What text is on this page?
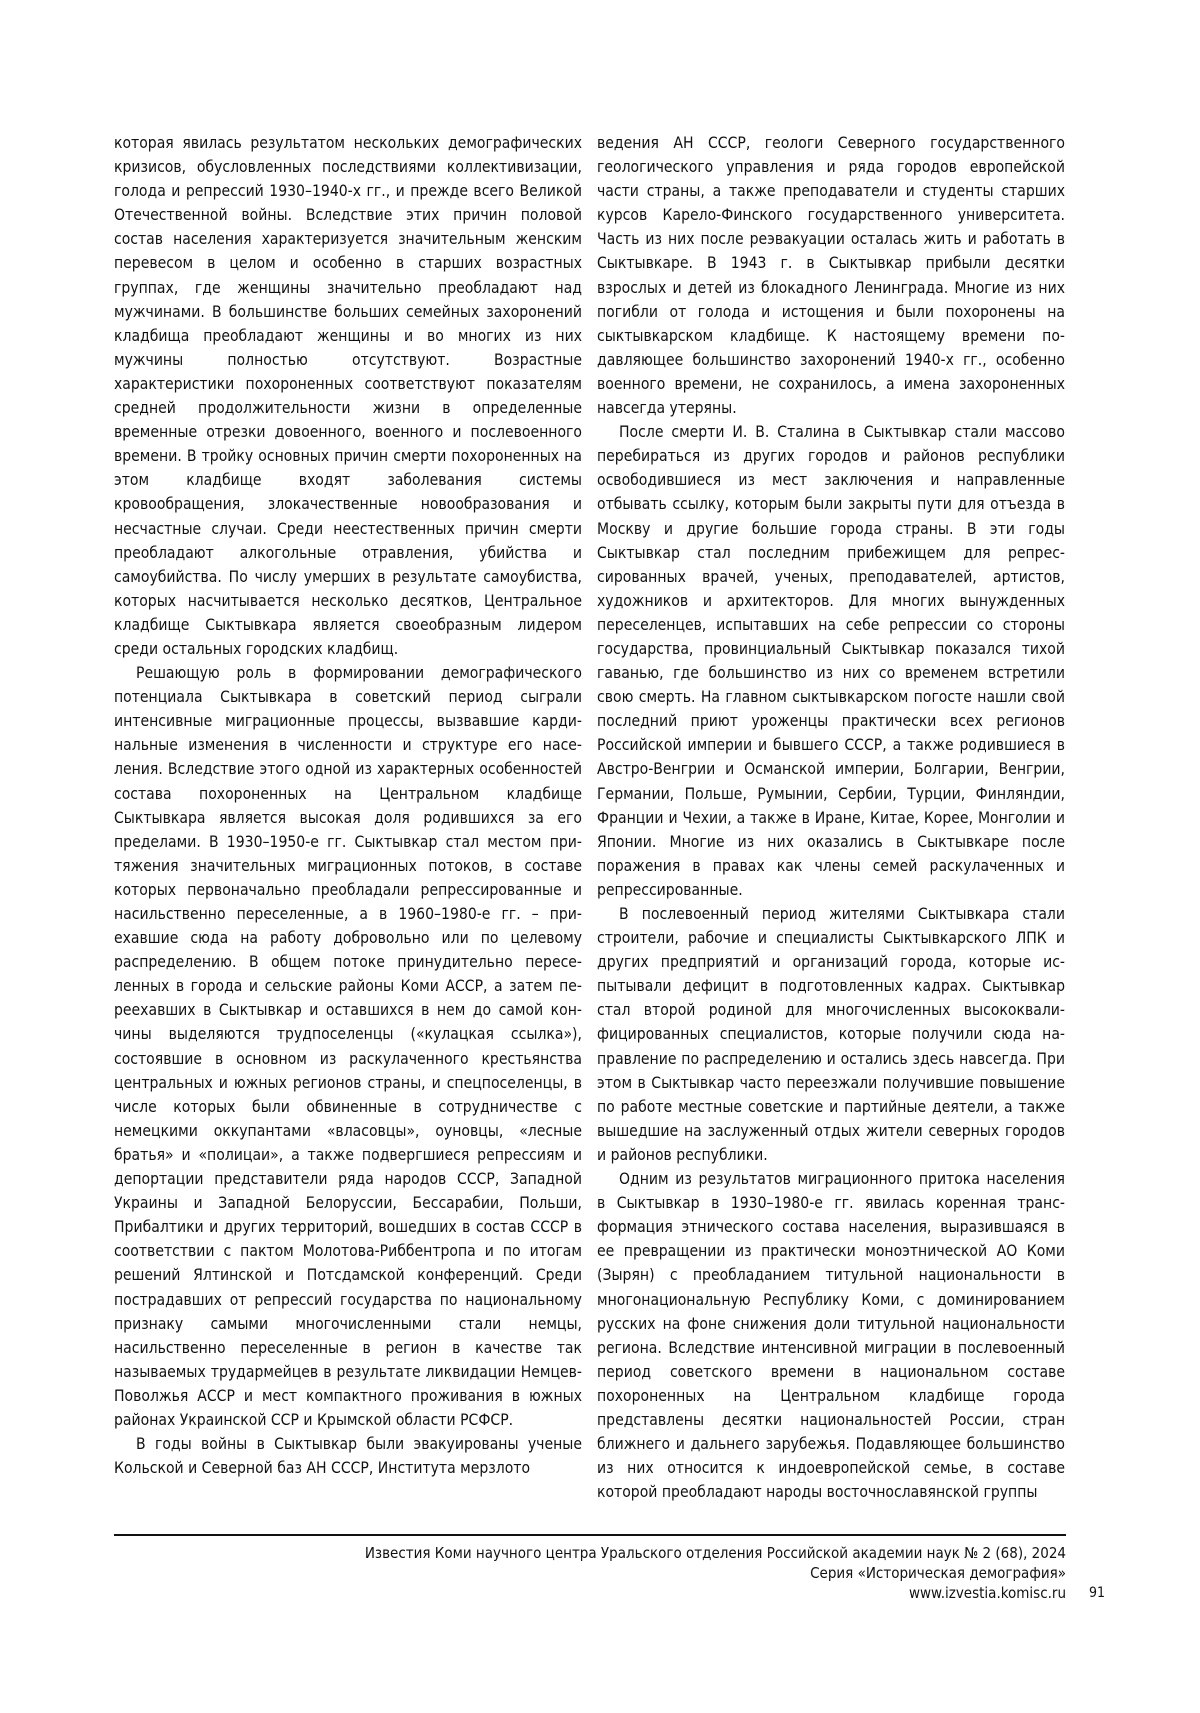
которая явилась результатом нескольких демографических кризисов, обусловленных последствиями коллективизации, голода и репрессий 1930–1940-х гг., и прежде всего Великой Отечественной войны. Вследствие этих причин половой состав населения характеризуется значительным женским перевесом в целом и особенно в старших возрастных группах, где женщины значительно преобладают над мужчинами. В большинстве больших семейных захоронений кладбища преобладают женщины и во многих из них мужчины полностью отсутствуют. Возрастные характеристики похороненных соответствуют показателям средней продолжительности жизни в определенные временные отрезки довоенного, военного и послевоенного времени. В тройку основных причин смерти похороненных на этом кладбище входят заболевания системы кровообращения, злокачественные новообразования и несчастные случаи. Среди неестественных причин смерти преобладают алкогольные отравления, убийства и самоубийства. По числу умерших в результате самоубиства, которых насчитывается несколько десятков, Центральное кладбище Сыктывкара является своеобразным лидером среди остальных городских кладбищ.

Решающую роль в формировании демографического потенциала Сыктывкара в советский период сыграли интенсивные миграционные процессы, вызвавшие кардинальные изменения в численности и структуре его населения. Вследствие этого одной из характерных особенностей состава похороненных на Центральном кладбище Сыктывкара является высокая доля родившихся за его пределами. В 1930–1950-е гг. Сыктывкар стал местом притяжения значительных миграционных потоков, в составе которых первоначально преобладали репрессированные и насильственно переселенные, а в 1960–1980-е гг. – приехавшие сюда на работу добровольно или по целевому распределению. В общем потоке принудительно переселенных в города и сельские районы Коми АССР, а затем переехавших в Сыктывкар и оставшихся в нем до самой кончины выделяются трудпоселенцы («кулацкая ссылка»), состоявшие в основном из раскулаченного крестьянства центральных и южных регионов страны, и спецпоселенцы, в числе которых были обвиненные в сотрудничестве с немецкими оккупантами «власовцы», оуновцы, «лесные братья» и «полицаи», а также подвергшиеся репрессиям и депортации представители ряда народов СССР, Западной Украины и Западной Белоруссии, Бессарабии, Польши, Прибалтики и других территорий, вошедших в состав СССР в соответствии с пактом Молотова-Риббентропа и по итогам решений Ялтинской и Потсдамской конференций. Среди пострадавших от репрессий государства по национальному признаку самыми многочисленными стали немцы, насильственно переселенные в регион в качестве так называемых трудармейцев в результате ликвидации Немцев-Поволжья АССР и мест компактного проживания в южных районах Украинской ССР и Крымской области РСФСР.

В годы войны в Сыктывкар были эвакуированы ученые Кольской и Северной баз АН СССР, Института мерзлото

ведения АН СССР, геологи Северного государственного геологического управления и ряда городов европейской части страны, а также преподаватели и студенты старших курсов Карело-Финского государственного университета. Часть из них после реэвакуации осталась жить и работать в Сыктывкаре. В 1943 г. в Сыктывкар прибыли десятки взрослых и детей из блокадного Ленинграда. Многие из них погибли от голода и истощения и были похоронены на сыктывкарском кладбище. К настоящему времени подавляющее большинство захоронений 1940-х гг., особенно военного времени, не сохранилось, а имена захороненных навсегда утеряны.

После смерти И. В. Сталина в Сыктывкар стали массово перебираться из других городов и районов республики освободившиеся из мест заключения и направленные отбывать ссылку, которым были закрыты пути для отъезда в Москву и другие большие города страны. В эти годы Сыктывкар стал последним прибежищем для репрессированных врачей, ученых, преподавателей, артистов, художников и архитекторов. Для многих вынужденных переселенцев, испытавших на себе репрессии со стороны государства, провинциальный Сыктывкар показался тихой гаванью, где большинство из них со временем встретили свою смерть. На главном сыктывкарском погосте нашли свой последний приют уроженцы практически всех регионов Российской империи и бывшего СССР, а также родившиеся в Австро-Венгрии и Османской империи, Болгарии, Венгрии, Германии, Польше, Румынии, Сербии, Турции, Финляндии, Франции и Чехии, а также в Иране, Китае, Корее, Монголии и Японии. Многие из них оказались в Сыктывкаре после поражения в правах как члены семей раскулаченных и репрессированные.

В послевоенный период жителями Сыктывкара стали строители, рабочие и специалисты Сыктывкарского ЛПК и других предприятий и организаций города, которые испытывали дефицит в подготовленных кадрах. Сыктывкар стал второй родиной для многочисленных высококвалифицированных специалистов, которые получили сюда направление по распределению и остались здесь навсегда. При этом в Сыктывкар часто переезжали получившие повышение по работе местные советские и партийные деятели, а также вышедшие на заслуженный отдых жители северных городов и районов республики.

Одним из результатов миграционного притока населения в Сыктывкар в 1930–1980-е гг. явилась коренная трансформация этнического состава населения, выразившаяся в ее превращении из практически моноэтнической АО Коми (Зырян) с преобладанием титульной национальности в многонациональную Республику Коми, с доминированием русских на фоне снижения доли титульной национальности региона. Вследствие интенсивной миграции в послевоенный период советского времени в национальном составе похороненных на Центральном кладбище города представлены десятки национальностей России, стран ближнего и дальнего зарубежья. Подавляющее большинство из них относится к индоевропейской семье, в составе которой преобладают народы восточнославянской группы

Известия Коми научного центра Уральского отделения Российской академии наук № 2 (68), 2024
Серия «Историческая демография»
www.izvestia.komisc.ru 91
